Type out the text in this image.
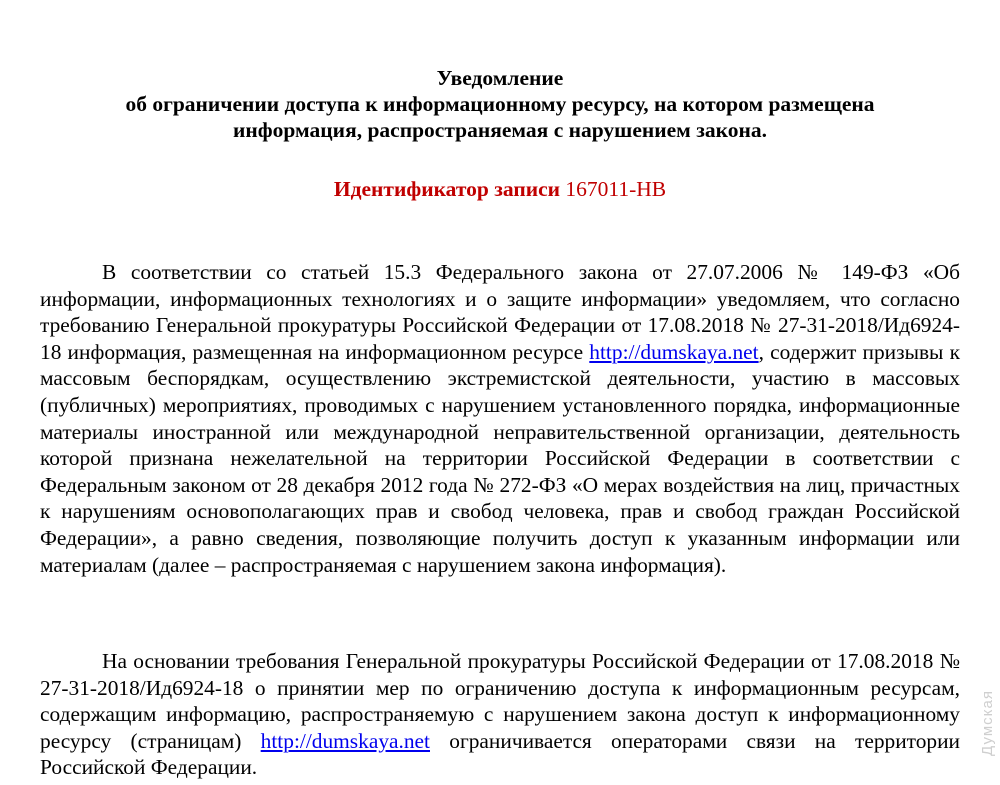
Уведомление
об ограничении доступа к информационному ресурсу, на котором размещена
информация, распространяемая с нарушением закона.
Идентификатор записи 167011-НВ

В соответствии со статьей 15.3 Федерального закона от 27.07.2006 № 149-ФЗ «Об информации, информационных технологиях и о защите информации» уведомляем, что согласно требованию Генеральной прокуратуры Российской Федерации от 17.08.2018 № 27-31-2018/Ид6924-18 информация, размещенная на информационном ресурсе http://dumskaya.net, содержит призывы к массовым беспорядкам, осуществлению экстремистской деятельности, участию в массовых (публичных) мероприятиях, проводимых с нарушением установленного порядка, информационные материалы иностранной или международной неправительственной организации, деятельность которой признана нежелательной на территории Российской Федерации в соответствии с Федеральным законом от 28 декабря 2012 года № 272-ФЗ «О мерах воздействия на лиц, причастных к нарушениям основополагающих прав и свобод человека, прав и свобод граждан Российской Федерации», а равно сведения, позволяющие получить доступ к указанным информации или материалам (далее – распространяемая с нарушением закона информация).

На основании требования Генеральной прокуратуры Российской Федерации от 17.08.2018 № 27-31-2018/Ид6924-18 о принятии мер по ограничению доступа к информационным ресурсам, содержащим информацию, распространяемую с нарушением закона доступ к информационному ресурсу (страницам) http://dumskaya.net ограничивается операторами связи на территории Российской Федерации.

Думская
